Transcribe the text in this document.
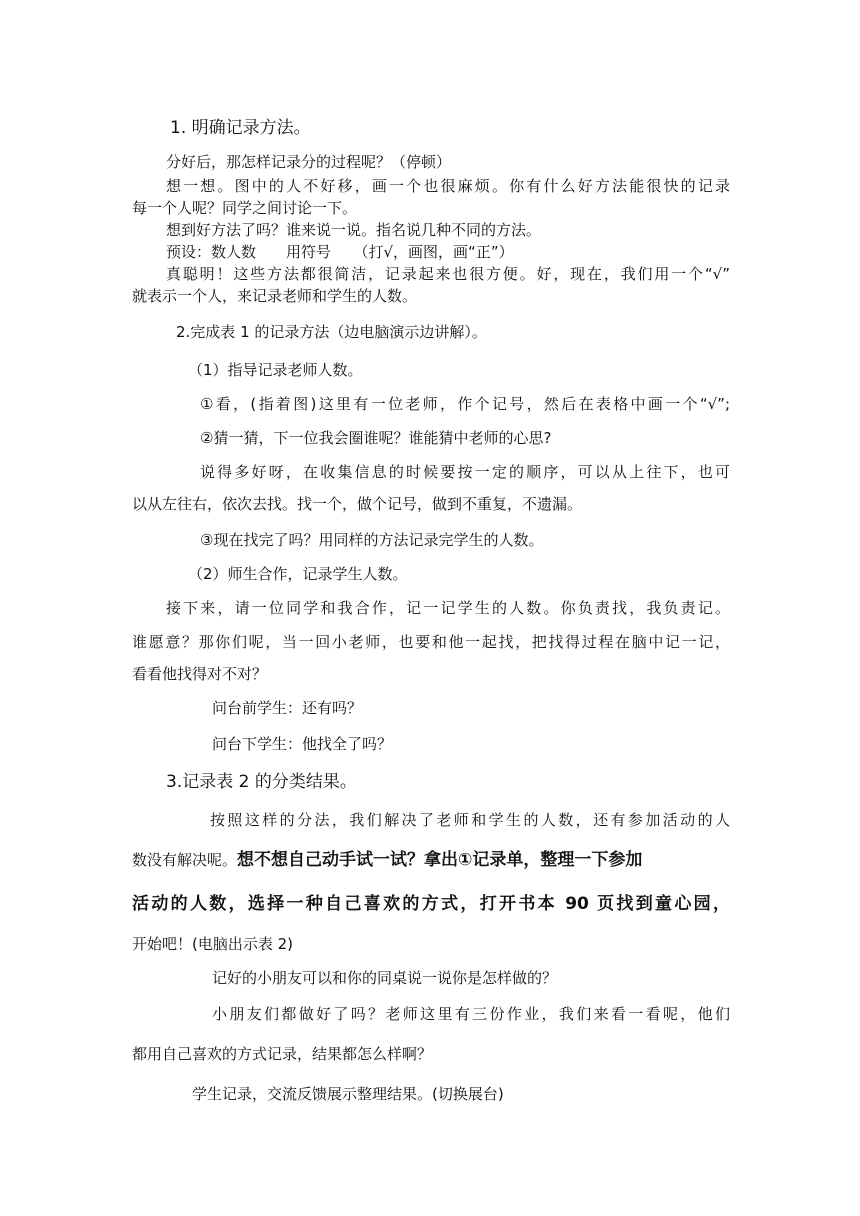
1. 明确记录方法。
分好后，那怎样记录分的过程呢？（停顿）
想一想。图中的人不好移，画一个也很麻烦。你有什么好方法能很快的记录
每一个人呢？同学之间讨论一下。
想到好方法了吗？谁来说一说。指名说几种不同的方法。
预设：数人数　　用符号　　（打√，画图，画“正”）
真聪明！这些方法都很简洁，记录起来也很方便。好，现在，我们用一个“√”
就表示一个人，来记录老师和学生的人数。
2.完成表 1 的记录方法（边电脑演示边讲解）。
（1）指导记录老师人数。
①看，(指着图)这里有一位老师，作个记号，然后在表格中画一个“√”;
②猜一猜，下一位我会圈谁呢？谁能猜中老师的心思?
说得多好呀，在收集信息的时候要按一定的顺序，可以从上往下，也可
以从左往右，依次去找。找一个，做个记号，做到不重复，不遗漏。
③现在找完了吗？用同样的方法记录完学生的人数。
（2）师生合作，记录学生人数。
接下来，请一位同学和我合作，记一记学生的人数。你负责找，我负责记。
谁愿意？那你们呢，当一回小老师，也要和他一起找，把找得过程在脑中记一记，
看看他找得对不对？
问台前学生：还有吗？
问台下学生：他找全了吗？
3.记录表 2 的分类结果。
按照这样的分法，我们解决了老师和学生的人数，还有参加活动的人
数没有解决呢。想不想自己动手试一试？拿出①记录单，整理一下参加
活动的人数，选择一种自己喜欢的方式，打开书本 90 页找到童心园，
开始吧！(电脑出示表 2)
记好的小朋友可以和你的同桌说一说你是怎样做的？
小朋友们都做好了吗？老师这里有三份作业，我们来看一看呢，他们
都用自己喜欢的方式记录，结果都怎么样啊？
学生记录，交流反馈展示整理结果。(切换展台)
